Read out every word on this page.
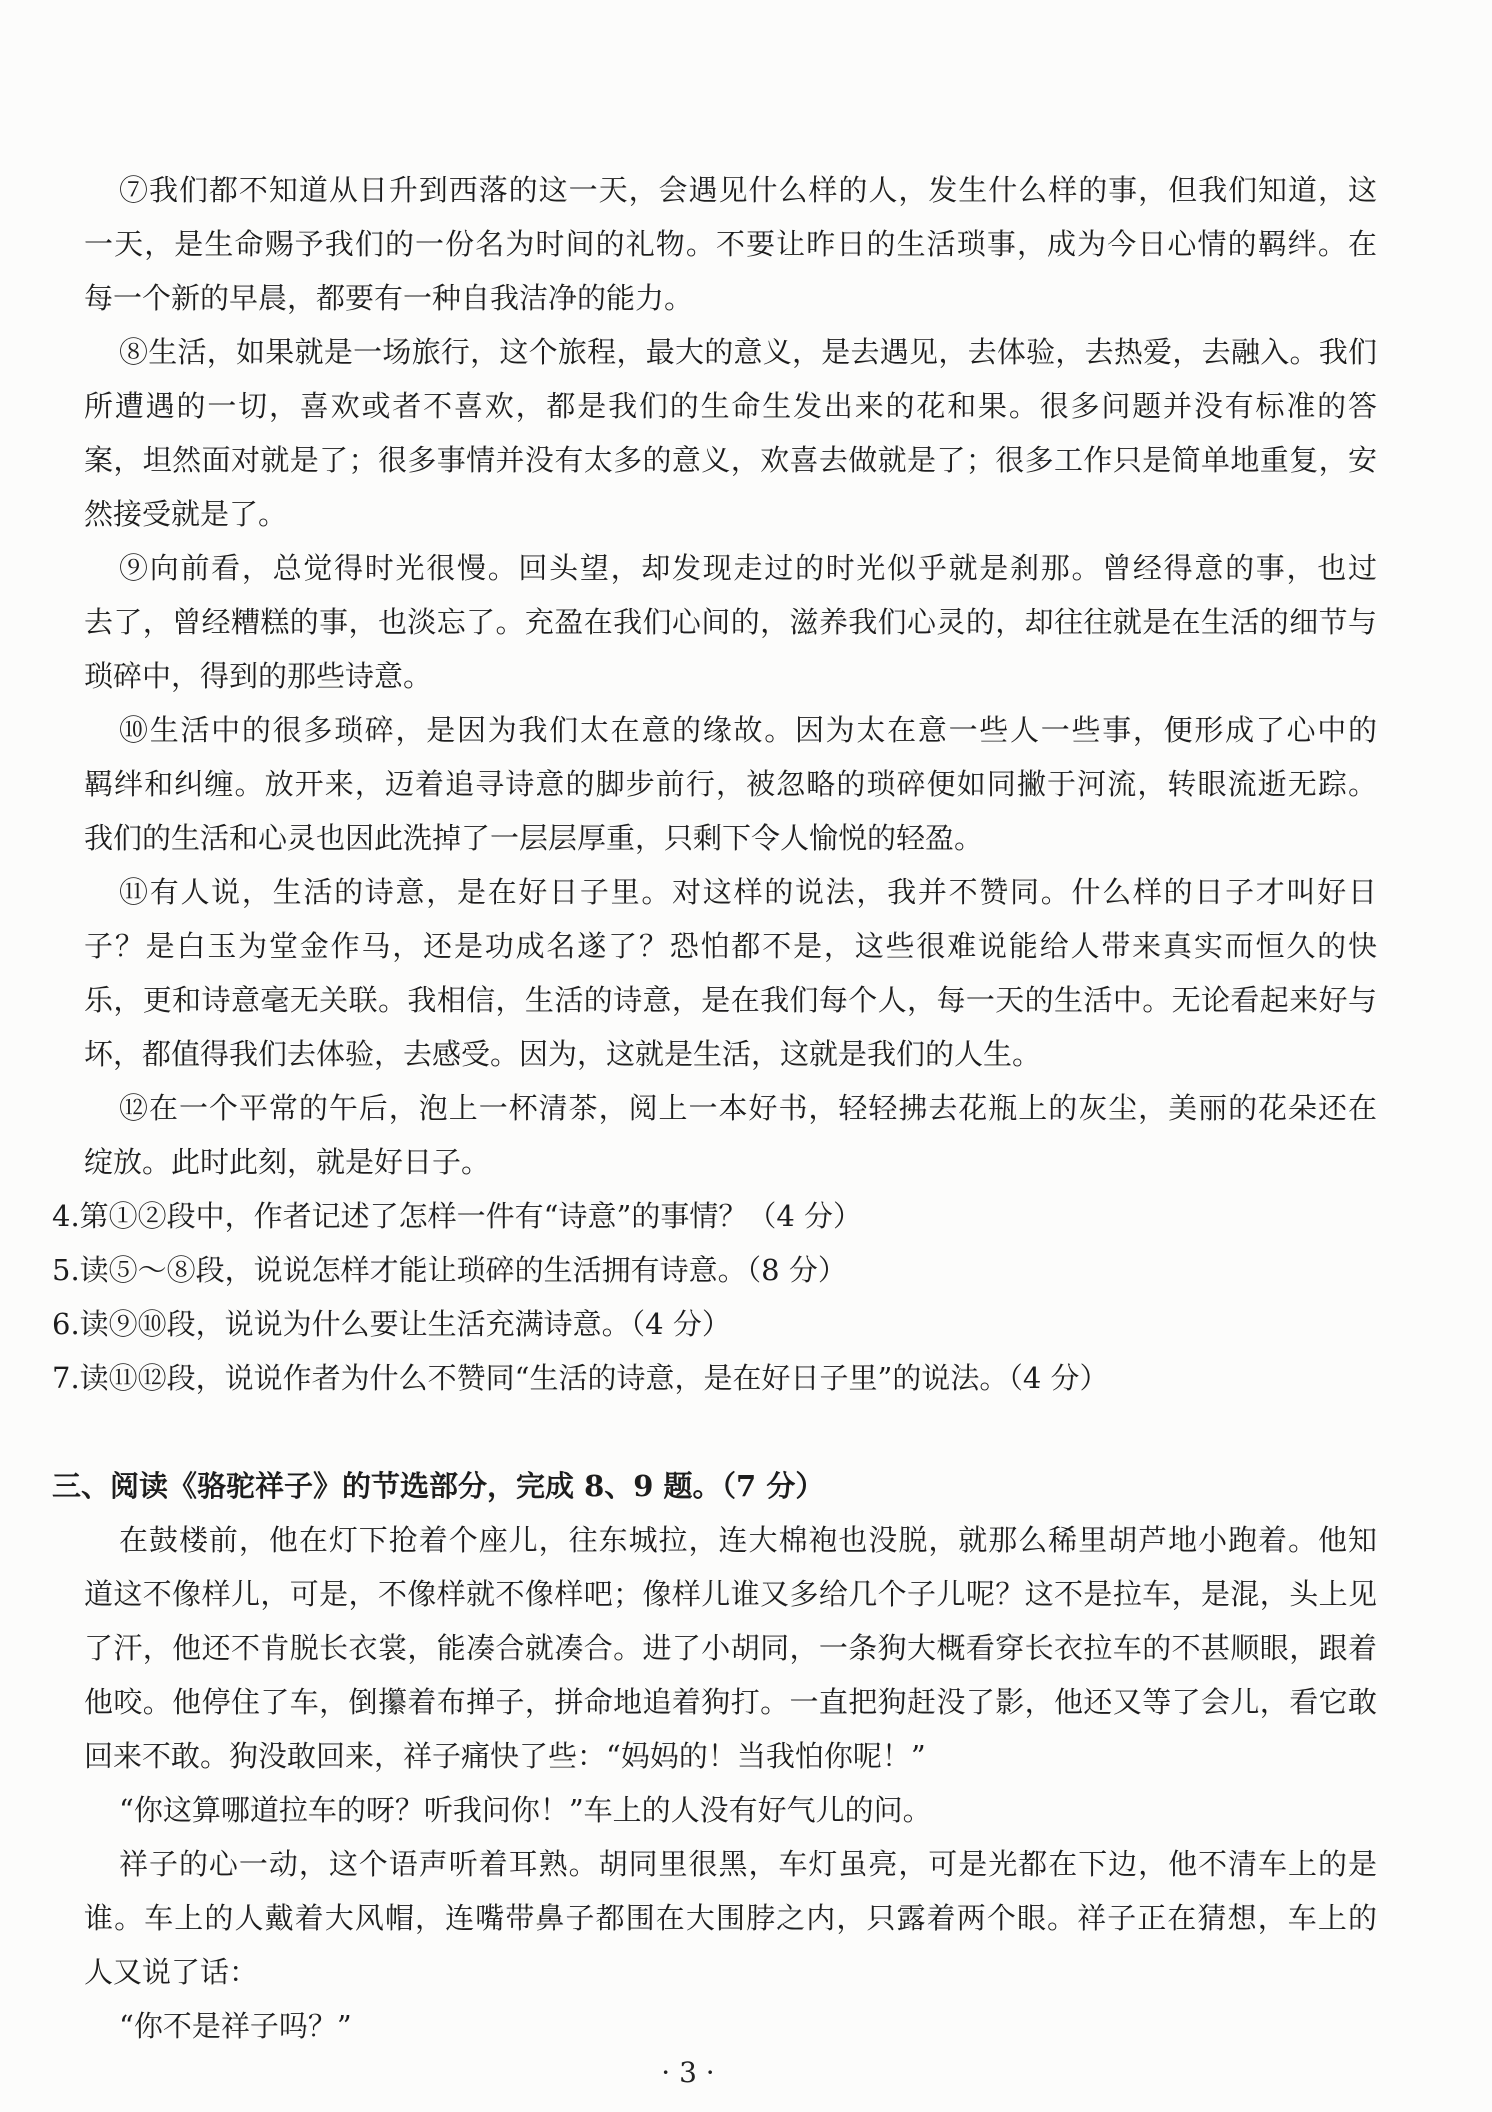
⑦我们都不知道从日升到西落的这一天，会遇见什么样的人，发生什么样的事，但我们知道，这
一天，是生命赐予我们的一份名为时间的礼物。不要让昨日的生活琐事，成为今日心情的羁绊。在
每一个新的早晨，都要有一种自我洁净的能力。
⑧生活，如果就是一场旅行，这个旅程，最大的意义，是去遇见，去体验，去热爱，去融入。我们
所遭遇的一切，喜欢或者不喜欢，都是我们的生命生发出来的花和果。很多问题并没有标准的答
案，坦然面对就是了；很多事情并没有太多的意义，欢喜去做就是了；很多工作只是简单地重复，安
然接受就是了。
⑨向前看，总觉得时光很慢。回头望，却发现走过的时光似乎就是刹那。曾经得意的事，也过
去了，曾经糟糕的事，也淡忘了。充盈在我们心间的，滋养我们心灵的，却往往就是在生活的细节与
琐碎中，得到的那些诗意。
⑩生活中的很多琐碎，是因为我们太在意的缘故。因为太在意一些人一些事，便形成了心中的
羁绊和纠缠。放开来，迈着追寻诗意的脚步前行，被忽略的琐碎便如同撇于河流，转眼流逝无踪。
我们的生活和心灵也因此洗掉了一层层厚重，只剩下令人愉悦的轻盈。
⑪有人说，生活的诗意，是在好日子里。对这样的说法，我并不赞同。什么样的日子才叫好日
子？是白玉为堂金作马，还是功成名遂了？恐怕都不是，这些很难说能给人带来真实而恒久的快
乐，更和诗意毫无关联。我相信，生活的诗意，是在我们每个人，每一天的生活中。无论看起来好与
坏，都值得我们去体验，去感受。因为，这就是生活，这就是我们的人生。
⑫在一个平常的午后，泡上一杯清茶，阅上一本好书，轻轻拂去花瓶上的灰尘，美丽的花朵还在
绽放。此时此刻，就是好日子。
4.第①②段中，作者记述了怎样一件有“诗意”的事情？（4 分）
5.读⑤～⑧段，说说怎样才能让琐碎的生活拥有诗意。（8 分）
6.读⑨⑩段，说说为什么要让生活充满诗意。（4 分）
7.读⑪⑫段，说说作者为什么不赞同“生活的诗意，是在好日子里”的说法。（4 分）
三、阅读《骆驼祥子》的节选部分，完成 8、9 题。（7 分）
在鼓楼前，他在灯下抢着个座儿，往东城拉，连大棉袍也没脱，就那么稀里胡芦地小跑着。他知
道这不像样儿，可是，不像样就不像样吧；像样儿谁又多给几个子儿呢？这不是拉车，是混，头上见
了汗，他还不肯脱长衣裳，能凑合就凑合。进了小胡同，一条狗大概看穿长衣拉车的不甚顺眼，跟着
他咬。他停住了车，倒攥着布掸子，拼命地追着狗打。一直把狗赶没了影，他还又等了会儿，看它敢
回来不敢。狗没敢回来，祥子痛快了些：“妈妈的！当我怕你呢！”
“你这算哪道拉车的呀？听我问你！”车上的人没有好气儿的问。
祥子的心一动，这个语声听着耳熟。胡同里很黑，车灯虽亮，可是光都在下边，他不清车上的是
谁。车上的人戴着大风帽，连嘴带鼻子都围在大围脖之内，只露着两个眼。祥子正在猜想，车上的
人又说了话：
“你不是祥子吗？”
· 3 ·
